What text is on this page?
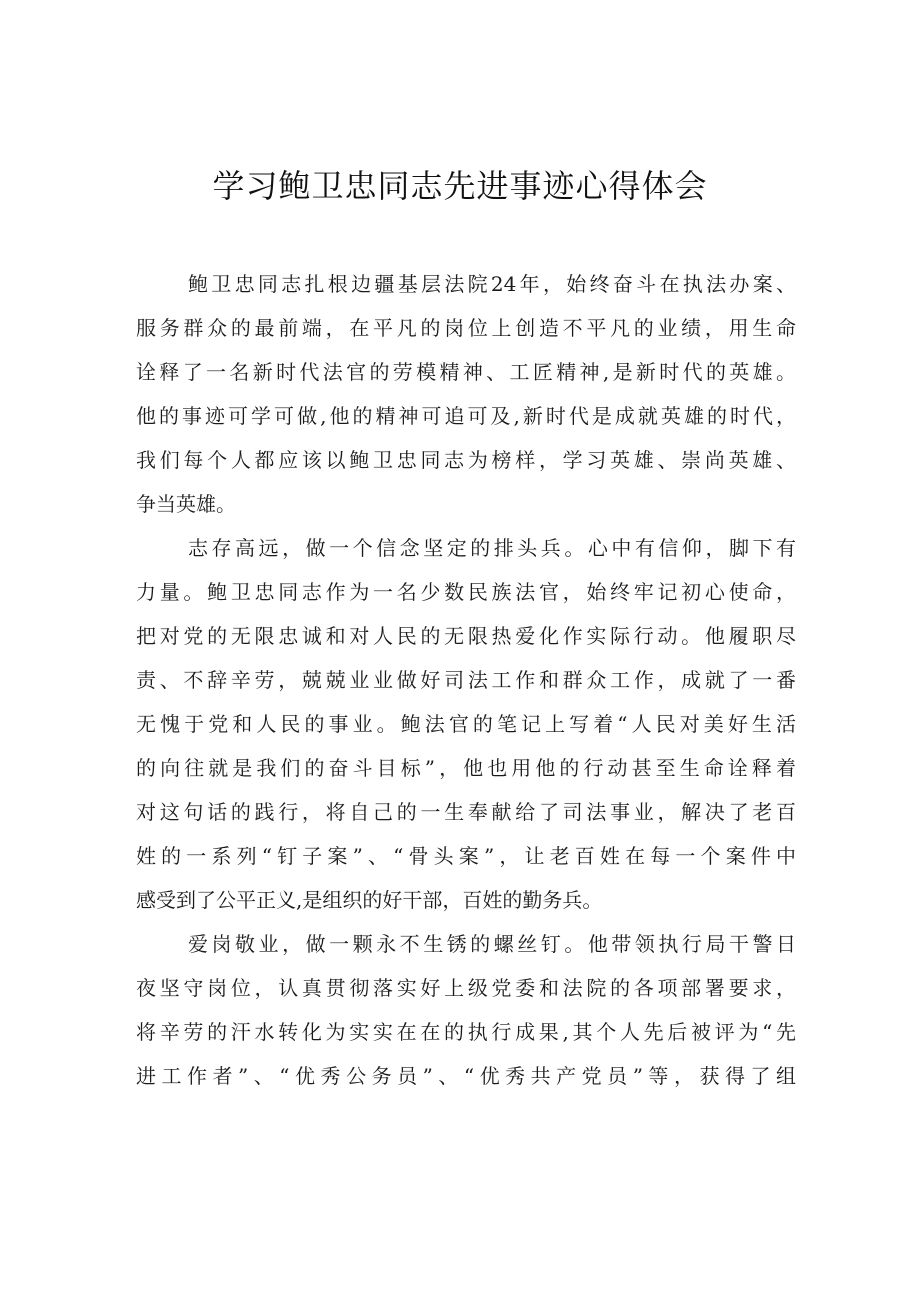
学习鲍卫忠同志先进事迹心得体会
鲍卫忠同志扎根边疆基层法院24年，始终奋斗在执法办案、
服务群众的最前端，在平凡的岗位上创造不平凡的业绩，用生命
诠释了一名新时代法官的劳模精神、工匠精神,是新时代的英雄。
他的事迹可学可做,他的精神可追可及,新时代是成就英雄的时代，
我们每个人都应该以鲍卫忠同志为榜样，学习英雄、崇尚英雄、
争当英雄。
志存高远，做一个信念坚定的排头兵。心中有信仰，脚下有
力量。鲍卫忠同志作为一名少数民族法官，始终牢记初心使命，
把对党的无限忠诚和对人民的无限热爱化作实际行动。他履职尽
责、不辞辛劳，兢兢业业做好司法工作和群众工作，成就了一番
无愧于党和人民的事业。鲍法官的笔记上写着“人民对美好生活
的向往就是我们的奋斗目标”，他也用他的行动甚至生命诠释着
对这句话的践行，将自己的一生奉献给了司法事业，解决了老百
姓的一系列“钉子案”、“骨头案”，让老百姓在每一个案件中
感受到了公平正义,是组织的好干部，百姓的勤务兵。
爱岗敬业，做一颗永不生锈的螺丝钉。他带领执行局干警日
夜坚守岗位，认真贯彻落实好上级党委和法院的各项部署要求，
将辛劳的汗水转化为实实在在的执行成果,其个人先后被评为“先
进工作者”、“优秀公务员”、“优秀共产党员”等，获得了组
